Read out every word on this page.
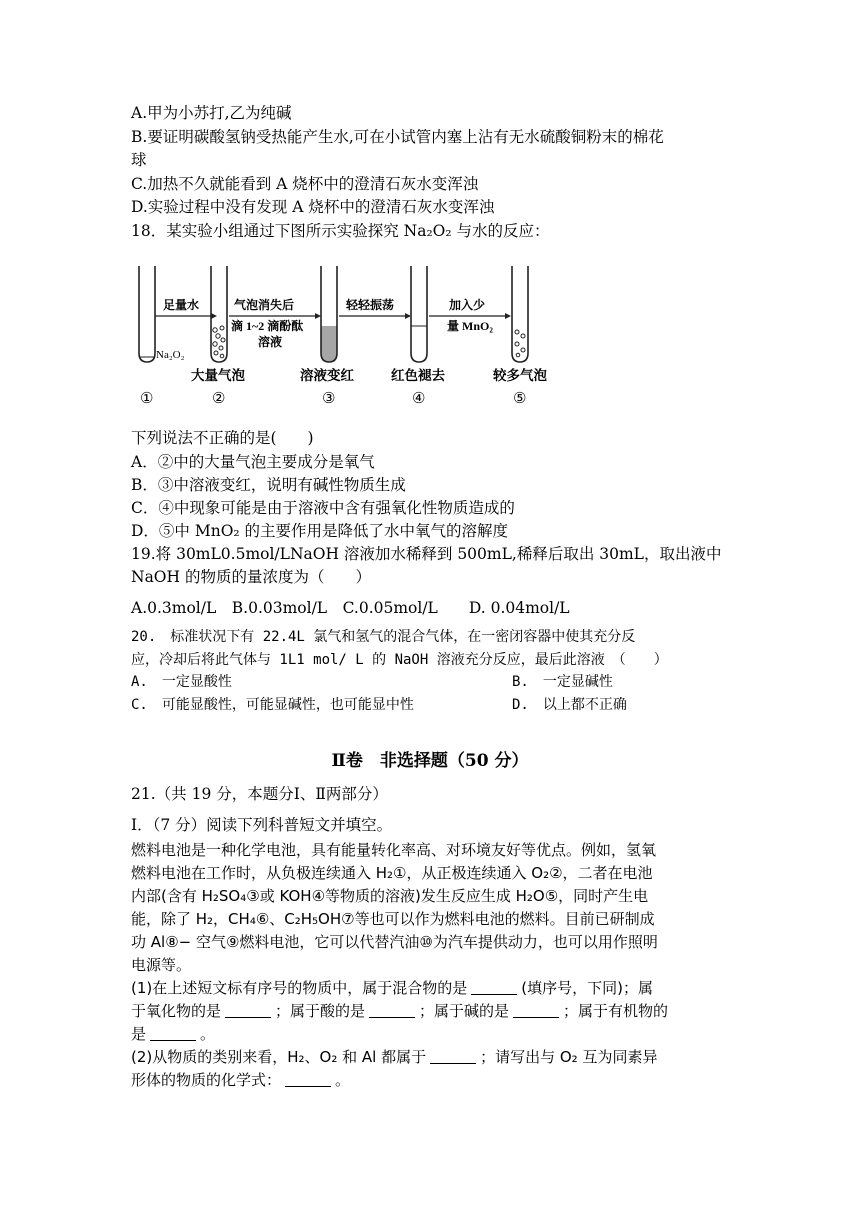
A.甲为小苏打,乙为纯碱
B.要证明碳酸氢钠受热能产生水,可在小试管内塞上沾有无水硫酸铜粉末的棉花
球
C.加热不久就能看到 A 烧杯中的澄清石灰水变浑浊
D.实验过程中没有发现 A 烧杯中的澄清石灰水变浑浊
18．某实验小组通过下图所示实验探究 Na₂O₂ 与水的反应：
Na₂O₂
足量水	气泡消失后
滴 1~2 滴酚酞
溶液
轻轻振荡	加入少
量 MnO₂
大量气泡	溶液变红	红色褪去	较多气泡
①	②	③	④	⑤
下列说法不正确的是(　　)
A．②中的大量气泡主要成分是氧气
B．③中溶液变红，说明有碱性物质生成
C．④中现象可能是由于溶液中含有强氧化性物质造成的
D．⑤中 MnO₂ 的主要作用是降低了水中氧气的溶解度
19.将 30mL0.5mol/LNaOH 溶液加水稀释到 500mL,稀释后取出 30mL，取出液中
NaOH 的物质的量浓度为（　　）
A.0.3mol/L　B.0.03mol/L　C.0.05mol/L　　D. 0.04mol/L
20.　标准状况下有 22.4L 氯气和氢气的混合气体，在一密闭容器中使其充分反
应，冷却后将此气体与 1L1 mol/ L 的 NaOH 溶液充分反应，最后此溶液　（　　）
A.　一定显酸性	B.　一定显碱性
C.　可能显酸性，可能显碱性，也可能显中性	D.　以上都不正确
Ⅱ卷　非选择题（50 分）
21.（共 19 分，本题分Ⅰ、Ⅱ两部分）
Ⅰ．（7 分）阅读下列科普短文并填空。
燃料电池是一种化学电池，具有能量转化率高、对环境友好等优点。例如，氢氧
燃料电池在工作时，从负极连续通入 H₂①，从正极连续通入 O₂②，二者在电池
内部(含有 H₂SO₄③或 KOH④等物质的溶液)发生反应生成 H₂O⑤，同时产生电
能，除了 H₂，CH₄⑥、C₂H₅OH⑦等也可以作为燃料电池的燃料。目前已研制成
功 Al⑧− 空气⑨燃料电池，它可以代替汽油⑩为汽车提供动力，也可以用作照明
电源等。
(1)在上述短文标有序号的物质中，属于混合物的是	(填序号，下同)；属
于氧化物的是	；属于酸的是	；属于碱的是	；属于有机物的
是	。
(2)从物质的类别来看，H₂、O₂ 和 Al 都属于	；请写出与 O₂ 互为同素异
形体的物质的化学式：	。
